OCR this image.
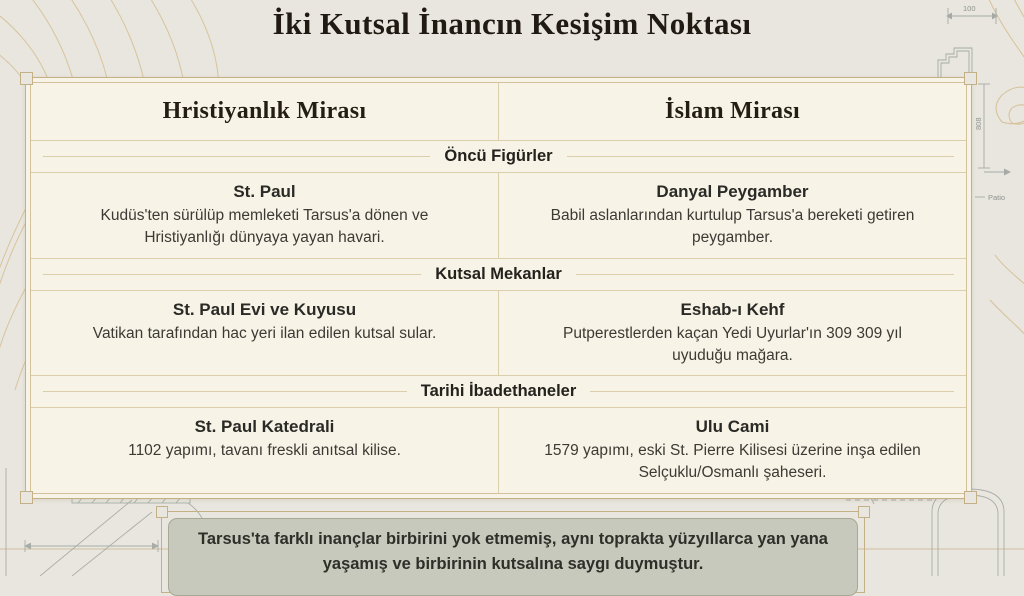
100
808
Patio
İki Kutsal İnancın Kesişim Noktası
Hristiyanlık Mirası	İslam Mirası
Öncü Figürler
St. Paul
Kudüs'ten sürülüp memleketi Tarsus'a dönen ve Hristiyanlığı dünyaya yayan havari.
Danyal Peygamber
Babil aslanlarından kurtulup Tarsus'a bereketi getiren peygamber.
Kutsal Mekanlar
St. Paul Evi ve Kuyusu
Vatikan tarafından hac yeri ilan edilen kutsal sular.
Eshab-ı Kehf
Putperestlerden kaçan Yedi Uyurlar'ın 309 309 yıl uyuduğu mağara.
Tarihi İbadethaneler
St. Paul Katedrali
1102 yapımı, tavanı freskli anıtsal kilise.
Ulu Cami
1579 yapımı, eski St. Pierre Kilisesi üzerine inşa edilen Selçuklu/Osmanlı şaheseri.
Tarsus'ta farklı inançlar birbirini yok etmemiş, aynı toprakta yüzyıllarca yan yana yaşamış ve birbirinin kutsalına saygı duymuştur.
